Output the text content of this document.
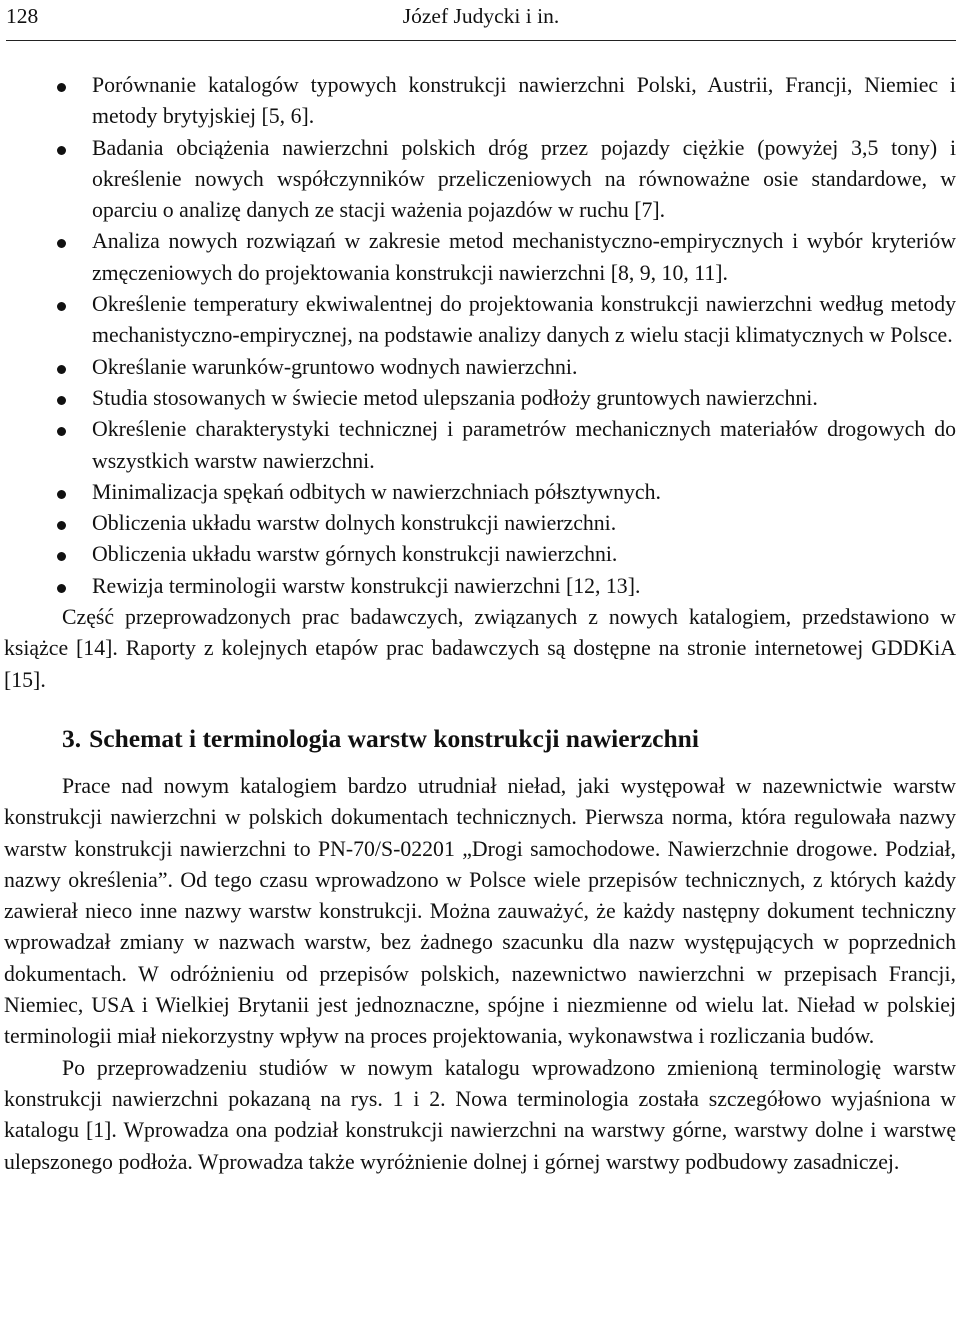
128	Józef Judycki i in.
Porównanie katalogów typowych konstrukcji nawierzchni Polski, Austrii, Francji, Niemiec i metody brytyjskiej [5, 6].
Badania obciążenia nawierzchni polskich dróg przez pojazdy ciężkie (powyżej 3,5 tony) i określenie nowych współczynników przeliczeniowych na równoważne osie standardowe, w oparciu o analizę danych ze stacji ważenia pojazdów w ruchu [7].
Analiza nowych rozwiązań w zakresie metod mechanistyczno-empirycznych i wybór kryteriów zmęczeniowych do projektowania konstrukcji nawierzchni [8, 9, 10, 11].
Określenie temperatury ekwiwalentnej do projektowania konstrukcji nawierzchni według metody mechanistyczno-empirycznej, na podstawie analizy danych z wielu stacji klimatycznych w Polsce.
Określanie warunków-gruntowo wodnych nawierzchni.
Studia stosowanych w świecie metod ulepszania podłoży gruntowych nawierzchni.
Określenie charakterystyki technicznej i parametrów mechanicznych materiałów drogowych do wszystkich warstw nawierzchni.
Minimalizacja spękań odbitych w nawierzchniach półsztywnych.
Obliczenia układu warstw dolnych konstrukcji nawierzchni.
Obliczenia układu warstw górnych konstrukcji nawierzchni.
Rewizja terminologii warstw konstrukcji nawierzchni [12, 13].

Część przeprowadzonych prac badawczych, związanych z nowych katalogiem, przedstawiono w książce [14]. Raporty z kolejnych etapów prac badawczych są dostępne na stronie internetowej GDDKiA [15].

3. Schemat i terminologia warstw konstrukcji nawierzchni

Prace nad nowym katalogiem bardzo utrudniał nieład, jaki występował w nazewnictwie warstw konstrukcji nawierzchni w polskich dokumentach technicznych. Pierwsza norma, która regulowała nazwy warstw konstrukcji nawierzchni to PN-70/S-02201 „Drogi samochodowe. Nawierzchnie drogowe. Podział, nazwy określenia”. Od tego czasu wprowadzono w Polsce wiele przepisów technicznych, z których każdy zawierał nieco inne nazwy warstw konstrukcji. Można zauważyć, że każdy następny dokument techniczny wprowadzał zmiany w nazwach warstw, bez żadnego szacunku dla nazw występujących w poprzednich dokumentach. W odróżnieniu od przepisów polskich, nazewnictwo nawierzchni w przepisach Francji, Niemiec, USA i Wielkiej Brytanii jest jednoznaczne, spójne i niezmienne od wielu lat. Nieład w polskiej terminologii miał niekorzystny wpływ na proces projektowania, wykonawstwa i rozliczania budów.

Po przeprowadzeniu studiów w nowym katalogu wprowadzono zmienioną terminologię warstw konstrukcji nawierzchni pokazaną na rys. 1 i 2. Nowa terminologia została szczegółowo wyjaśniona w katalogu [1]. Wprowadza ona podział konstrukcji nawierzchni na warstwy górne, warstwy dolne i warstwę ulepszonego podłoża. Wprowadza także wyróżnienie dolnej i górnej warstwy podbudowy zasadniczej.
